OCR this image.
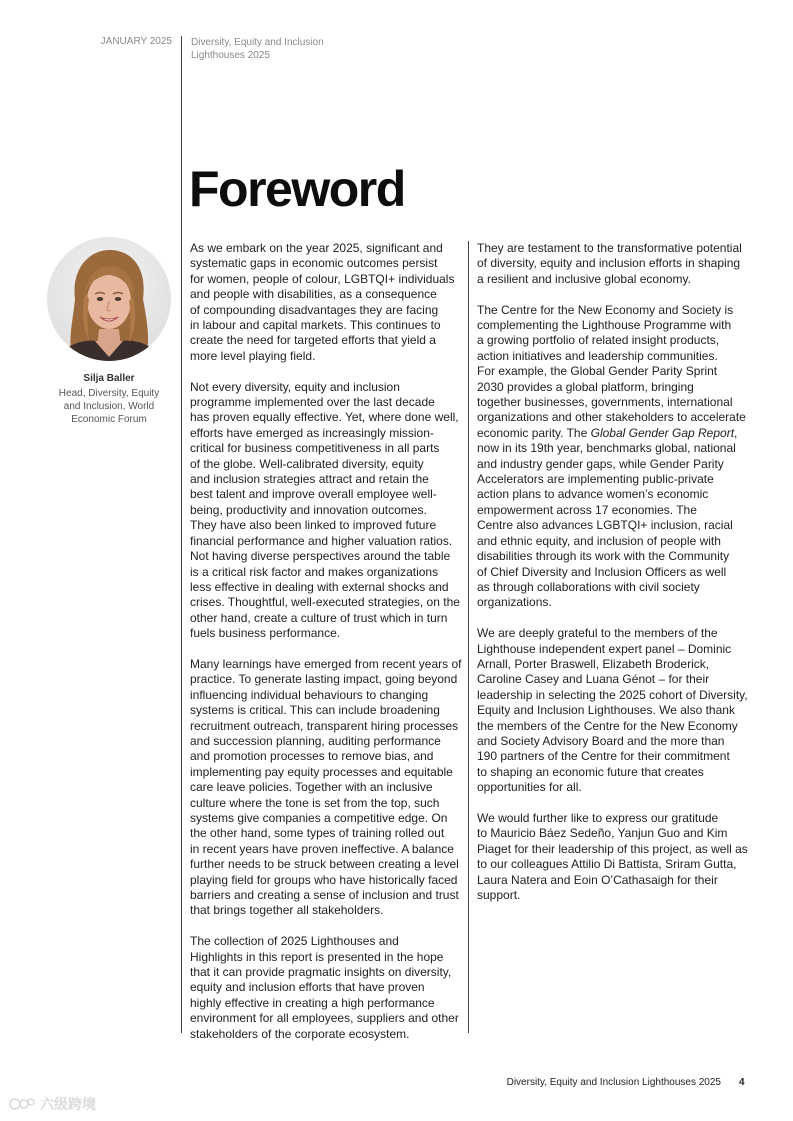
JANUARY 2025 Diversity, Equity and Inclusion
Lighthouses 2025
Foreword

Silja Baller

Head, Diversity, Equity and Inclusion, World Economic Forum

As we embark on the year 2025, significant and
systematic gaps in economic outcomes persist
for women, people of colour, LGBTQI+ individuals
and people with disabilities, as a consequence
of compounding disadvantages they are facing
in labour and capital markets. This continues to
create the need for targeted efforts that yield a
more level playing field.

Not every diversity, equity and inclusion
programme implemented over the last decade
has proven equally effective. Yet, where done well,
efforts have emerged as increasingly mission-
critical for business competitiveness in all parts
of the globe. Well-calibrated diversity, equity
and inclusion strategies attract and retain the
best talent and improve overall employee well-
being, productivity and innovation outcomes.
They have also been linked to improved future
financial performance and higher valuation ratios.
Not having diverse perspectives around the table
is a critical risk factor and makes organizations
less effective in dealing with external shocks and
crises. Thoughtful, well-executed strategies, on the
other hand, create a culture of trust which in turn
fuels business performance.

Many learnings have emerged from recent years of
practice. To generate lasting impact, going beyond
influencing individual behaviours to changing
systems is critical. This can include broadening
recruitment outreach, transparent hiring processes
and succession planning, auditing performance
and promotion processes to remove bias, and
implementing pay equity processes and equitable
care leave policies. Together with an inclusive
culture where the tone is set from the top, such
systems give companies a competitive edge. On
the other hand, some types of training rolled out
in recent years have proven ineffective. A balance
further needs to be struck between creating a level
playing field for groups who have historically faced
barriers and creating a sense of inclusion and trust
that brings together all stakeholders.

The collection of 2025 Lighthouses and
Highlights in this report is presented in the hope
that it can provide pragmatic insights on diversity,
equity and inclusion efforts that have proven
highly effective in creating a high performance
environment for all employees, suppliers and other
stakeholders of the corporate ecosystem.

They are testament to the transformative potential
of diversity, equity and inclusion efforts in shaping
a resilient and inclusive global economy.

The Centre for the New Economy and Society is
complementing the Lighthouse Programme with
a growing portfolio of related insight products,
action initiatives and leadership communities.
For example, the Global Gender Parity Sprint
2030 provides a global platform, bringing
together businesses, governments, international
organizations and other stakeholders to accelerate
economic parity. The Global Gender Gap Report,
now in its 19th year, benchmarks global, national
and industry gender gaps, while Gender Parity
Accelerators are implementing public-private
action plans to advance women’s economic
empowerment across 17 economies. The
Centre also advances LGBTQI+ inclusion, racial
and ethnic equity, and inclusion of people with
disabilities through its work with the Community
of Chief Diversity and Inclusion Officers as well
as through collaborations with civil society
organizations.

We are deeply grateful to the members of the
Lighthouse independent expert panel – Dominic
Arnall, Porter Braswell, Elizabeth Broderick,
Caroline Casey and Luana Génot – for their
leadership in selecting the 2025 cohort of Diversity,
Equity and Inclusion Lighthouses. We also thank
the members of the Centre for the New Economy
and Society Advisory Board and the more than
190 partners of the Centre for their commitment
to shaping an economic future that creates
opportunities for all.

We would further like to express our gratitude
to Mauricio Báez Sedeño, Yanjun Guo and Kim
Piaget for their leadership of this project, as well as
to our colleagues Attilio Di Battista, Sriram Gutta,
Laura Natera and Eoin O’Cathasaigh for their
support.

Diversity, Equity and Inclusion Lighthouses 2025 4

六级跨境
